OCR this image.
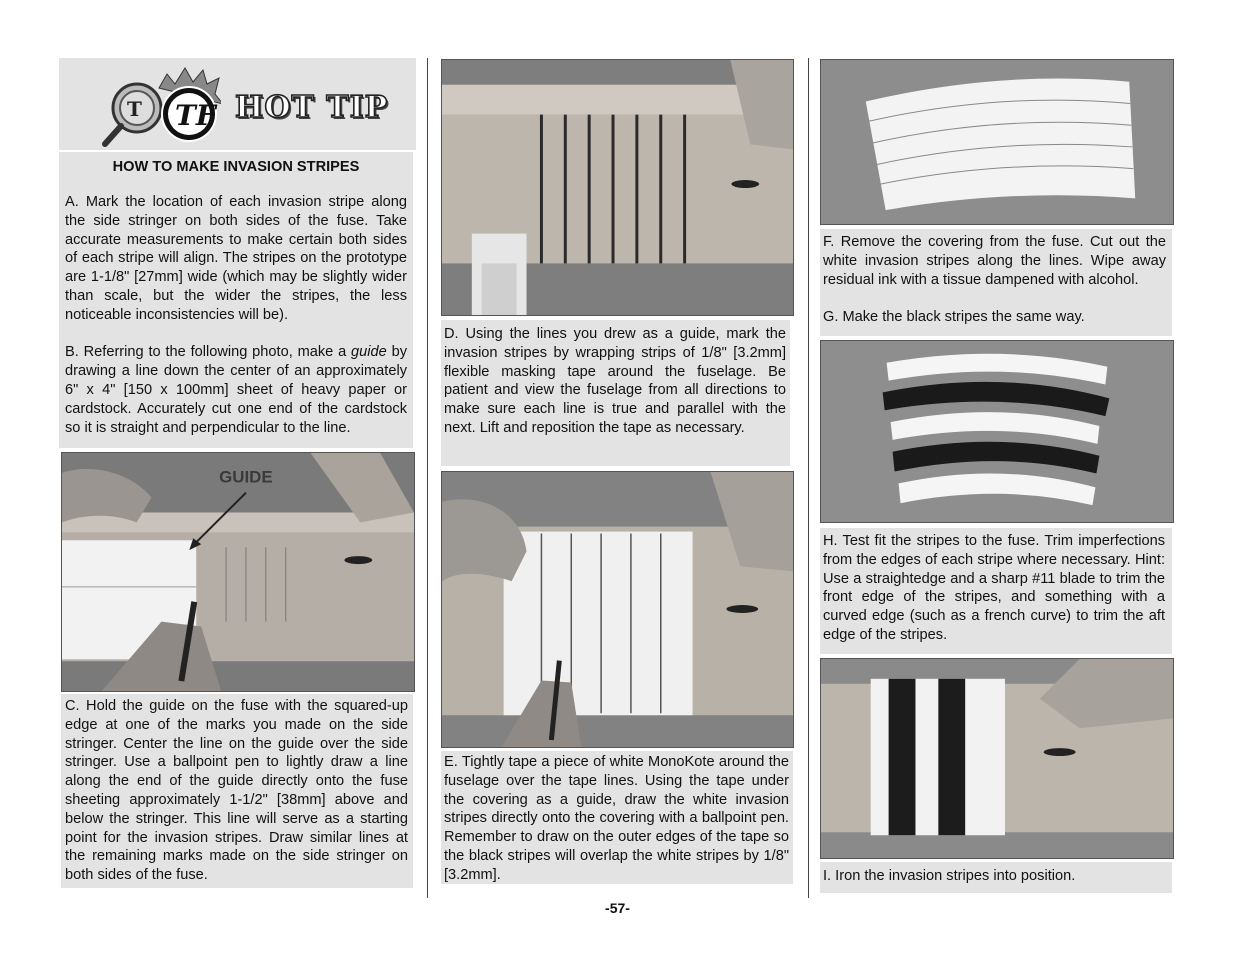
T TF HOT TIP
HOW TO MAKE INVASION STRIPES

A. Mark the location of each invasion stripe along the side stringer on both sides of the fuse. Take accurate measurements to make certain both sides of each stripe will align. The stripes on the prototype are 1-1/8" [27mm] wide (which may be slightly wider than scale, but the wider the stripes, the less noticeable inconsistencies will be).

B. Referring to the following photo, make a guide by drawing a line down the center of an approximately 6" x 4" [150 x 100mm] sheet of heavy paper or cardstock. Accurately cut one end of the cardstock so it is straight and perpendicular to the line.

GUIDE

C. Hold the guide on the fuse with the squared-up edge at one of the marks you made on the side stringer. Center the line on the guide over the side stringer. Use a ballpoint pen to lightly draw a line along the end of the guide directly onto the fuse sheeting approximately 1-1/2" [38mm] above and below the stringer. This line will serve as a starting point for the invasion stripes. Draw similar lines at the remaining marks made on the side stringer on both sides of the fuse.

D. Using the lines you drew as a guide, mark the invasion stripes by wrapping strips of 1/8" [3.2mm] flexible masking tape around the fuselage. Be patient and view the fuselage from all directions to make sure each line is true and parallel with the next. Lift and reposition the tape as necessary.

E. Tightly tape a piece of white MonoKote around the fuselage over the tape lines. Using the tape under the covering as a guide, draw the white invasion stripes directly onto the covering with a ballpoint pen. Remember to draw on the outer edges of the tape so the black stripes will overlap the white stripes by 1/8" [3.2mm].

F. Remove the covering from the fuse. Cut out the white invasion stripes along the lines. Wipe away residual ink with a tissue dampened with alcohol.

G. Make the black stripes the same way.

H. Test fit the stripes to the fuse. Trim imperfections from the edges of each stripe where necessary. Hint: Use a straightedge and a sharp #11 blade to trim the front edge of the stripes, and something with a curved edge (such as a french curve) to trim the aft edge of the stripes.

I. Iron the invasion stripes into position.

-57-
